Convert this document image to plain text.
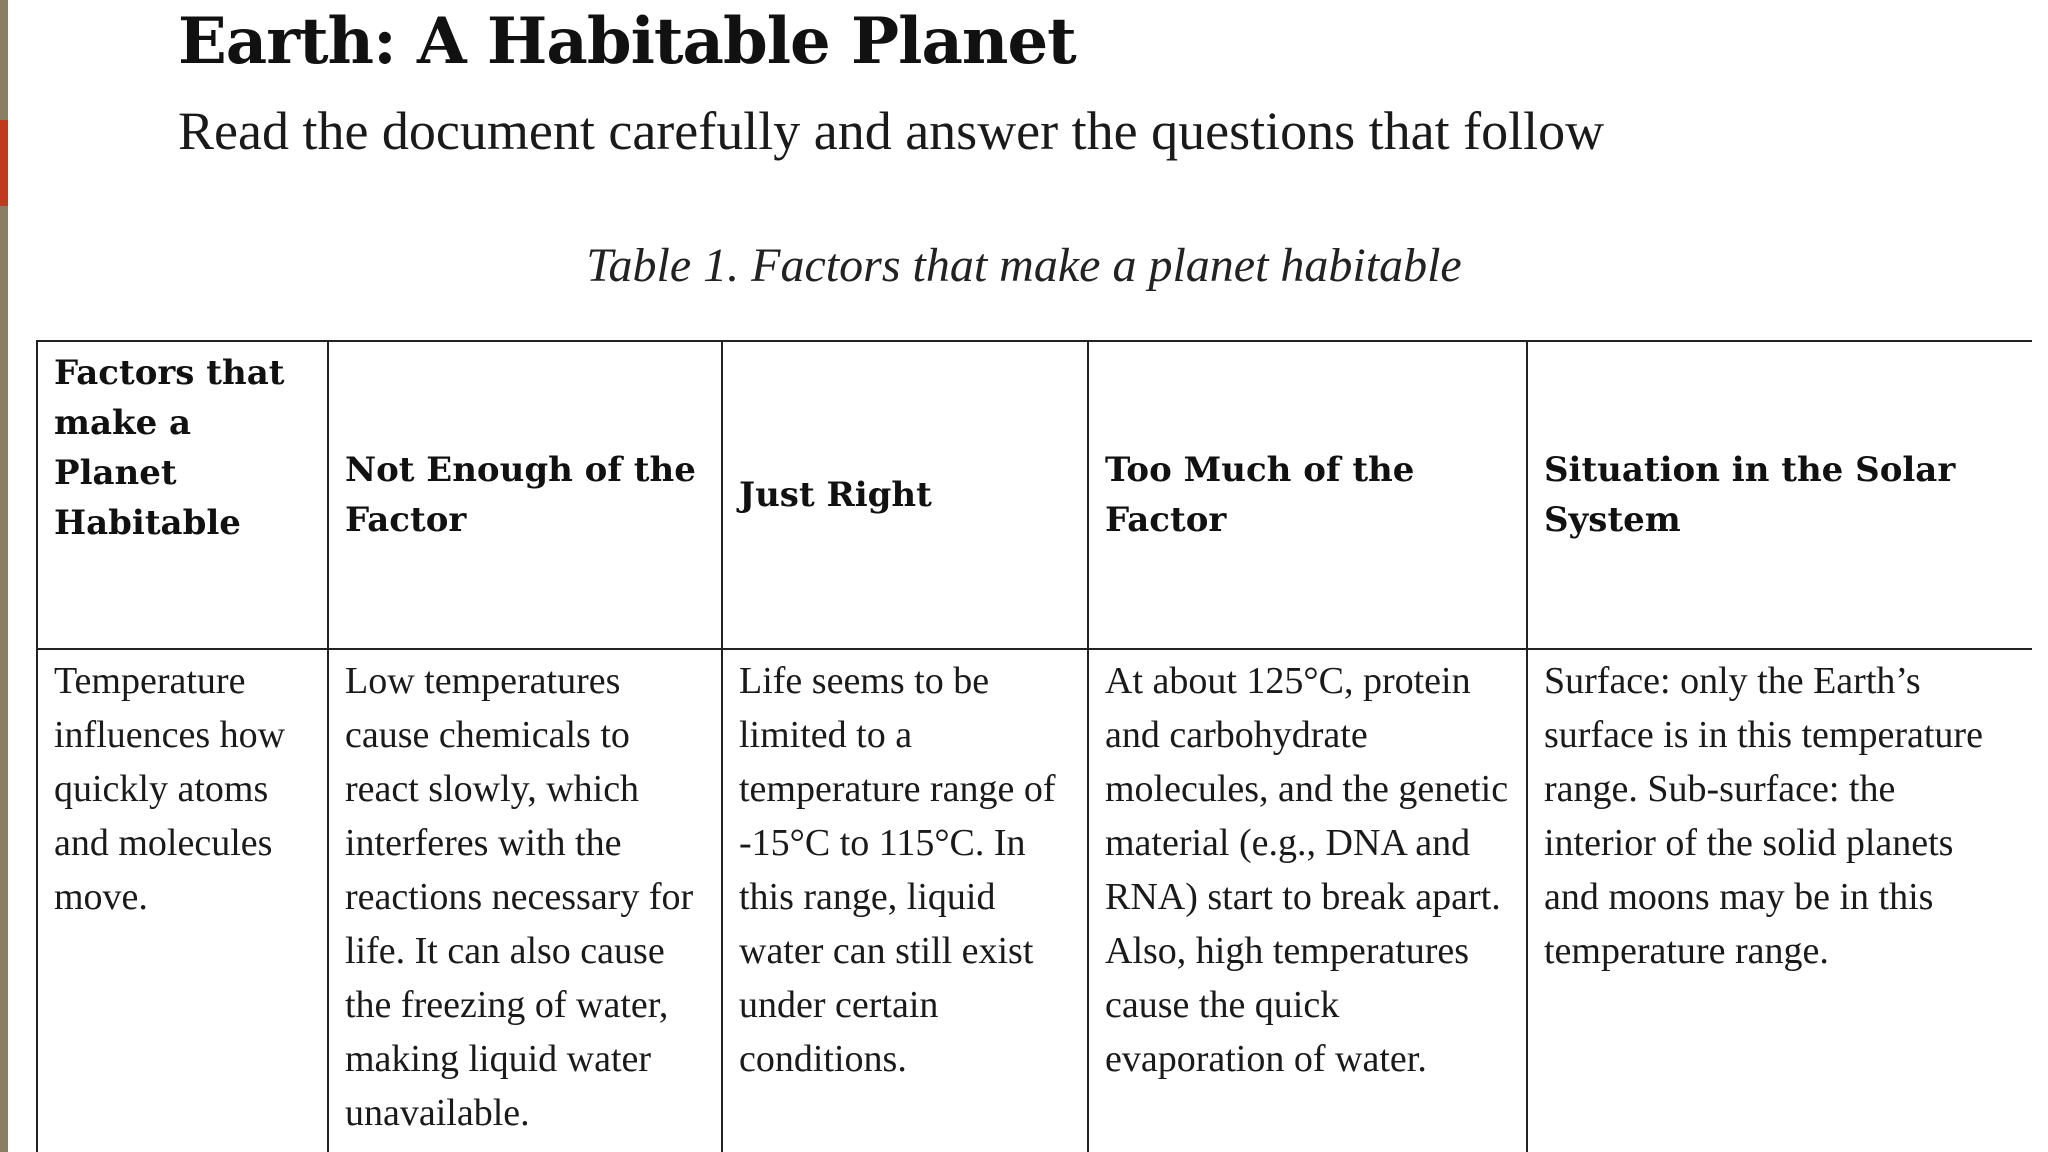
Earth: A Habitable Planet
Read the document carefully and answer the questions that follow
Table 1. Factors that make a planet habitable
Factors that make a Planet Habitable	Not Enough of the Factor	Just Right	Too Much of the Factor	Situation in the Solar System
Temperature influences how quickly atoms and molecules move.	Low temperatures cause chemicals to react slowly, which interferes with the reactions necessary for life. It can also cause the freezing of water, making liquid water unavailable.	Life seems to be limited to a temperature range of -15°C to 115°C. In this range, liquid water can still exist under certain conditions.	At about 125°C, protein and carbohydrate molecules, and the genetic material (e.g., DNA and RNA) start to break apart. Also, high temperatures cause the quick evaporation of water.	Surface: only the Earth’s surface is in this temperature range. Sub-surface: the interior of the solid planets and moons may be in this temperature range.
